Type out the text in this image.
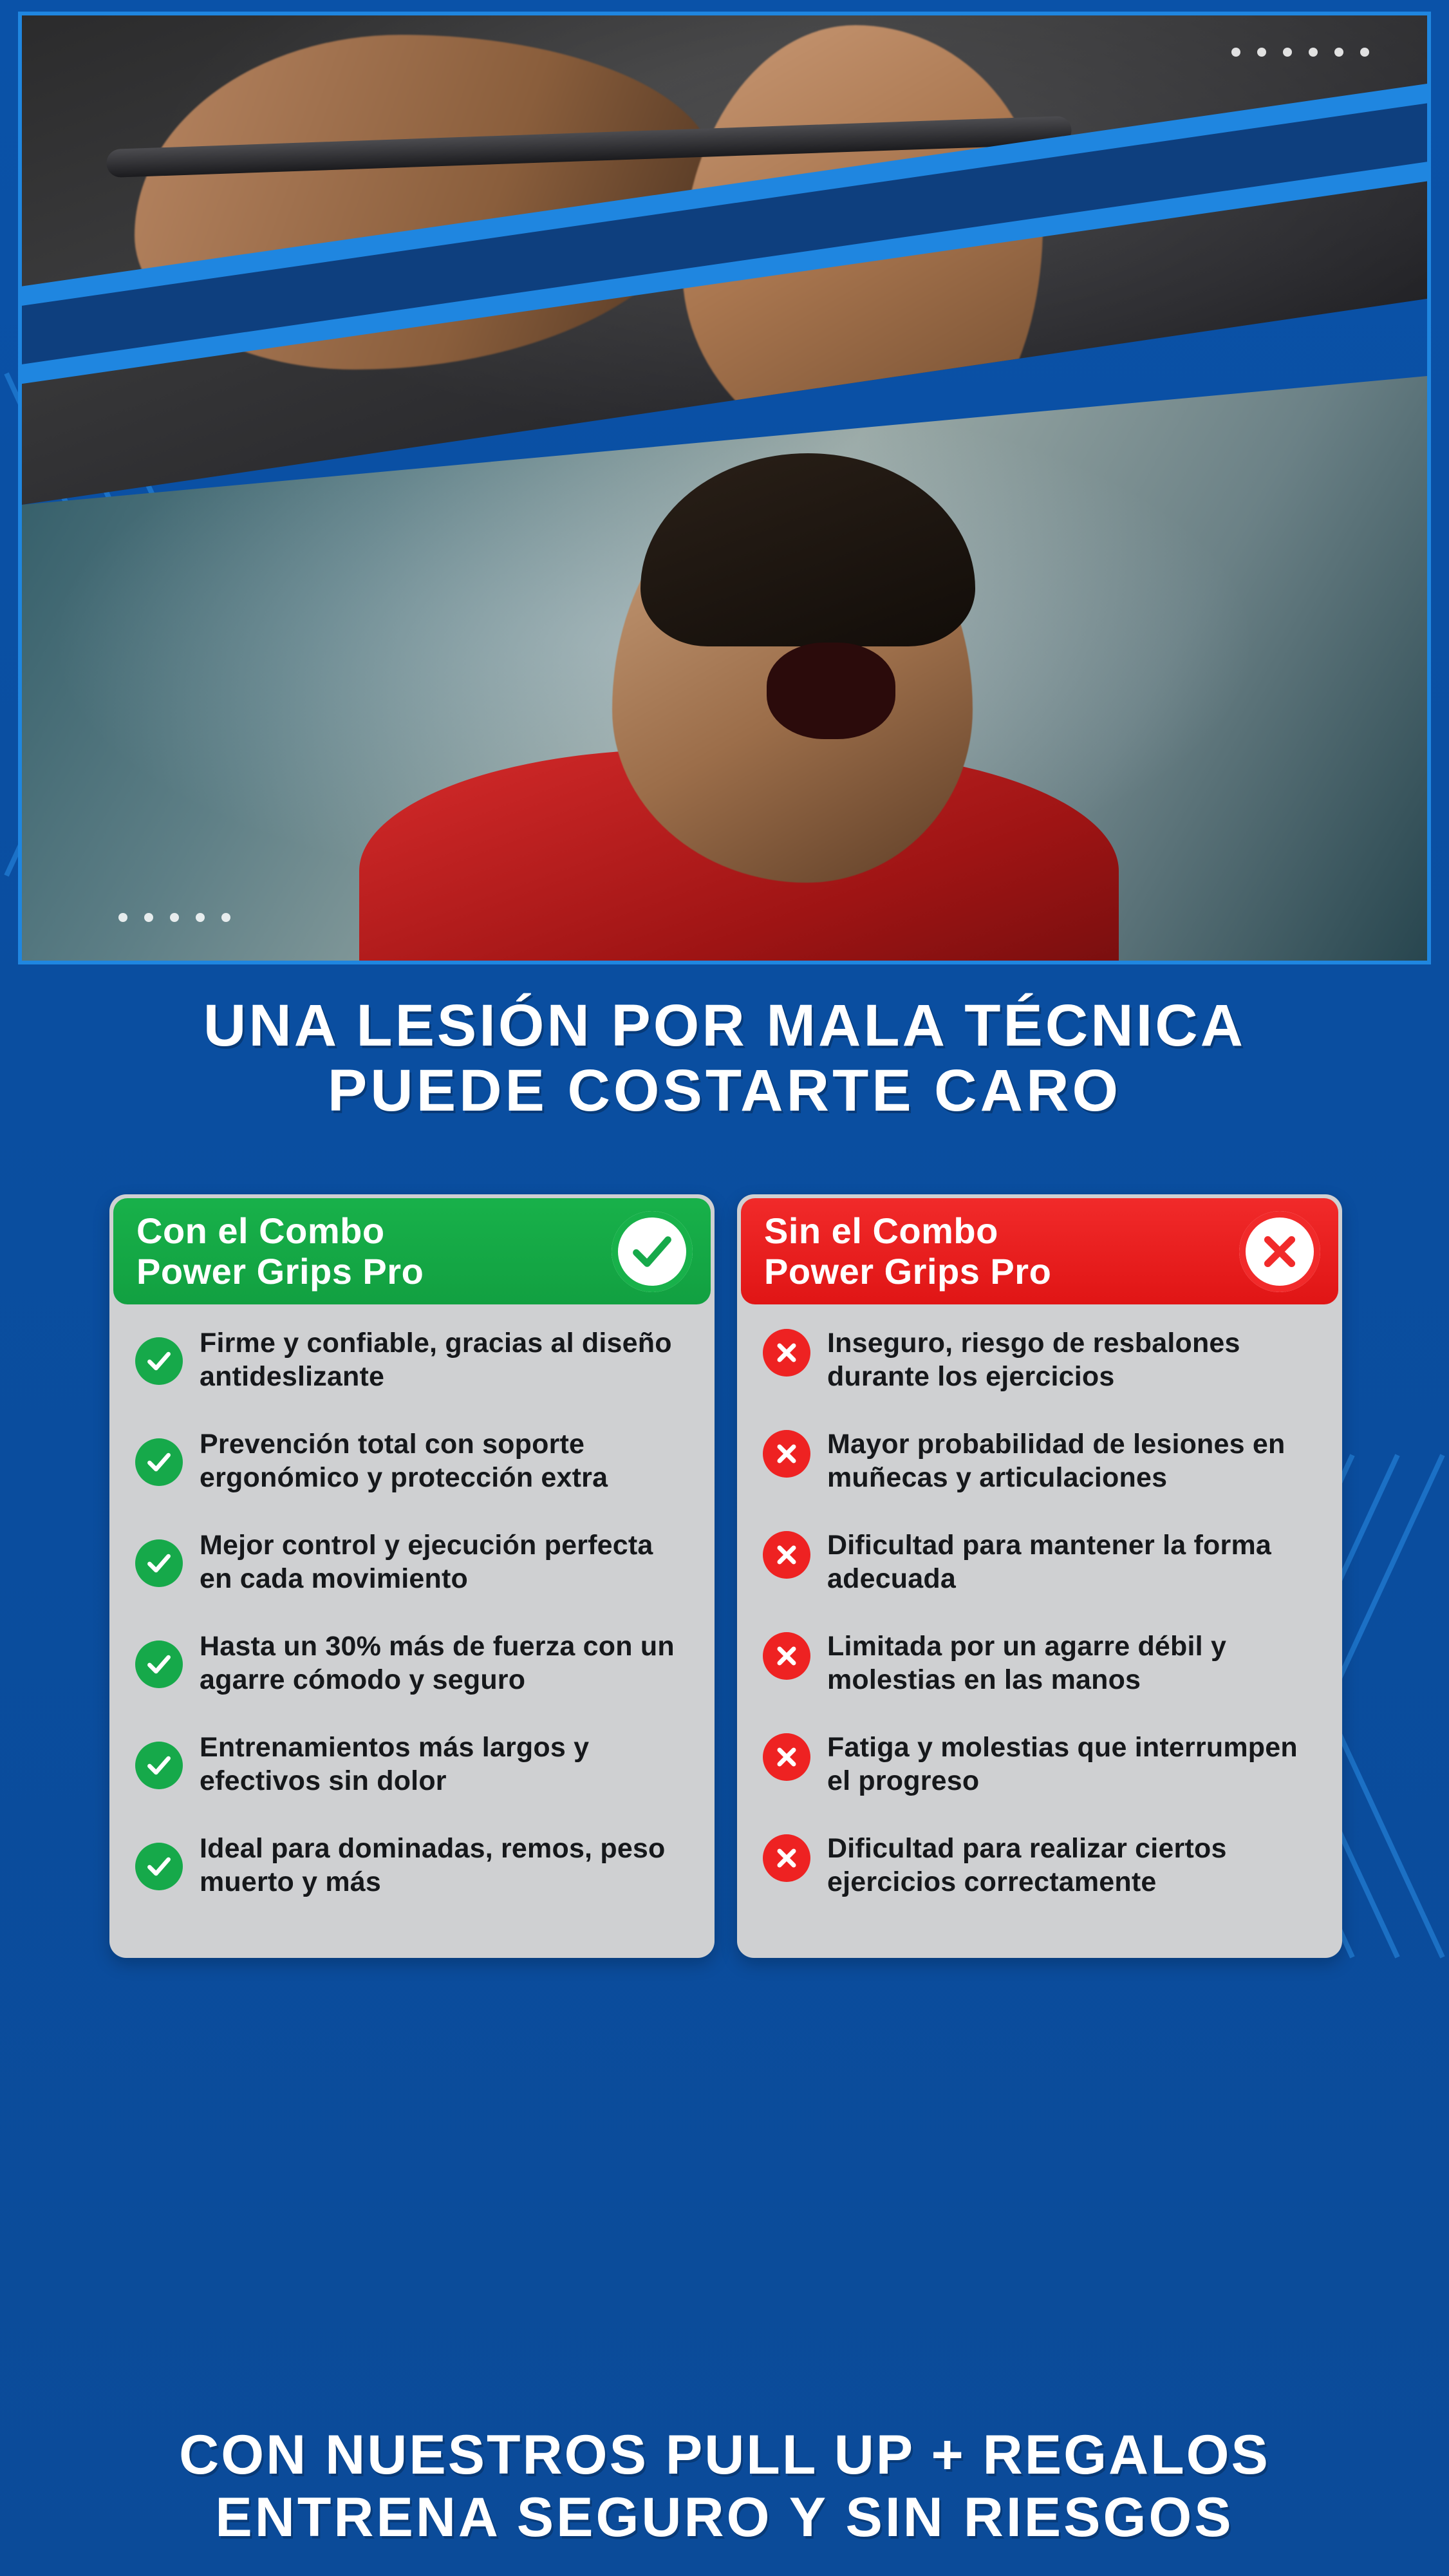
UNA LESIÓN POR MALA TÉCNICA
PUEDE COSTARTE CARO
Con el Combo
Power Grips Pro
Firme y confiable, gracias al diseño antideslizante
Prevención total con soporte ergonómico y protección extra
Mejor control y ejecución perfecta en cada movimiento
Hasta un 30% más de fuerza con un agarre cómodo y seguro
Entrenamientos más largos y efectivos sin dolor
Ideal para dominadas, remos, peso muerto y más
Sin el Combo
Power Grips Pro
Inseguro, riesgo de resbalones durante los ejercicios
Mayor probabilidad de lesiones en muñecas y articulaciones
Dificultad para mantener la forma adecuada
Limitada por un agarre débil y molestias en las manos
Fatiga y molestias que interrumpen el progreso
Dificultad para realizar ciertos ejercicios correctamente
CON NUESTROS PULL UP + REGALOS
ENTRENA SEGURO Y SIN RIESGOS
